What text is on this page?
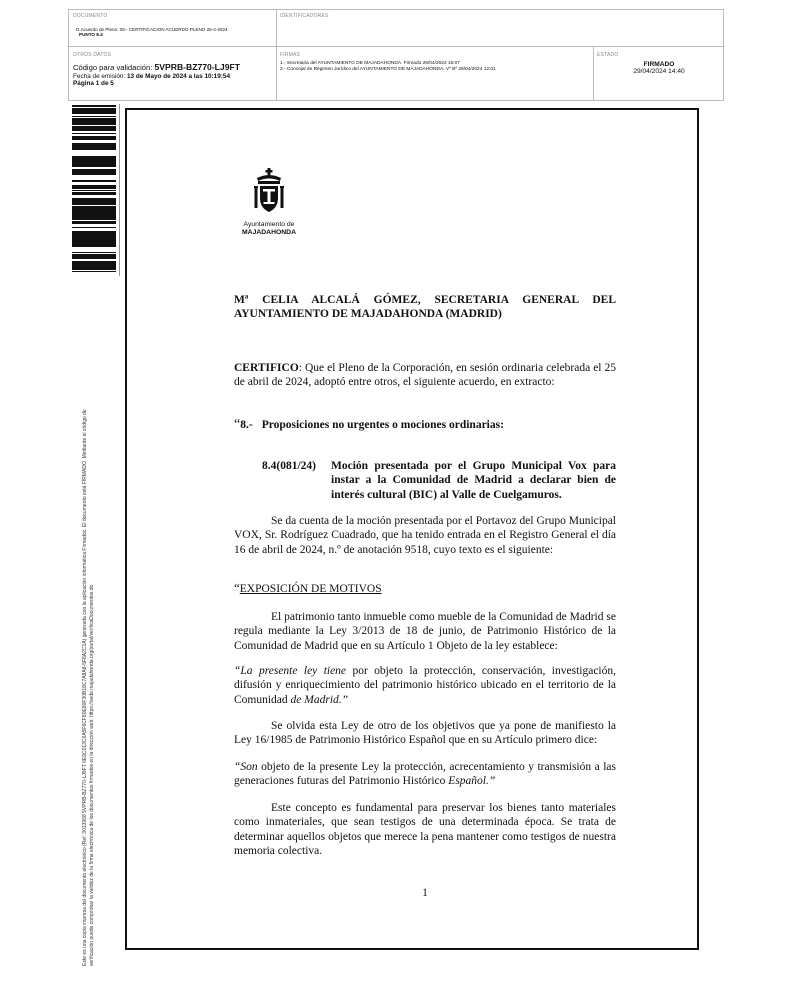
DOCUMENTO
D.Acuerdo de Pleno: 08.- CERTIFICACION ACUERDO PLENO 25-4-2024
PUNTO 8.4
IDENTIFICADORES
OTROS DATOS
Código para validación: 5VPRB-BZ770-LJ9FT
Fecha de emisión: 13 de Mayo de 2024 a las 10:19:54
Página 1 de 5
FIRMAS
1.- Secretaria del AYUNTAMIENTO DE MAJADAHONDA. Firmado 26/04/2024 16:07
2.- Concejal de Régimen Jurídico del AYUNTAMIENTO DE MAJADAHONDA. Vº Bº 29/04/2024 12:01
ESTADO
FIRMADO
29/04/2024 14:40
Este es una copia impresa del documento electrónico (Ref: 3013968 5VPRB-BZ770-LJ9FT 6E9C013C6A5F6CF80E80F30B18C7A8A8-5F8A2C1A) generada con la aplicación informática Firmadoc. El documento está FIRMADO. Mediante el código de verificación puede comprobar la validez de la firma electrónica de los documentos firmados en la dirección web: https://sede.majadahonda.org/portal/verificaDocumentos.do
Ayuntamiento de
MAJADAHONDA
Mª CELIA ALCALÁ GÓMEZ, SECRETARIA GENERAL DEL
AYUNTAMIENTO DE MAJADAHONDA (MADRID)
CERTIFICO: Que el Pleno de la Corporación, en sesión ordinaria celebrada el 25 de abril de 2024, adoptó entre otros, el siguiente acuerdo, en extracto:
“8.- Proposiciones no urgentes o mociones ordinarias:
8.4(081/24)	Moción presentada por el Grupo Municipal Vox para instar a la Comunidad de Madrid a declarar bien de interés cultural (BIC) al Valle de Cuelgamuros.
Se da cuenta de la moción presentada por el Portavoz del Grupo Municipal VOX, Sr. Rodríguez Cuadrado, que ha tenido entrada en el Registro General el día 16 de abril de 2024, n.º de anotación 9518, cuyo texto es el siguiente:
“EXPOSICIÓN DE MOTIVOS
El patrimonio tanto inmueble como mueble de la Comunidad de Madrid se regula mediante la Ley 3/2013 de 18 de junio, de Patrimonio Histórico de la Comunidad de Madrid que en su Artículo 1 Objeto de la ley establece:
“La presente ley tiene por objeto la protección, conservación, investigación, difusión y enriquecimiento del patrimonio histórico ubicado en el territorio de la Comunidad de Madrid.”
Se olvida esta Ley de otro de los objetivos que ya pone de manifiesto la Ley 16/1985 de Patrimonio Histórico Español que en su Artículo primero dice:
“Son objeto de la presente Ley la protección, acrecentamiento y transmisión a las generaciones futuras del Patrimonio Histórico Español.”
Este concepto es fundamental para preservar los bienes tanto materiales como inmateriales, que sean testigos de una determinada época. Se trata de determinar aquellos objetos que merece la pena mantener como testigos de nuestra memoria colectiva.
1
